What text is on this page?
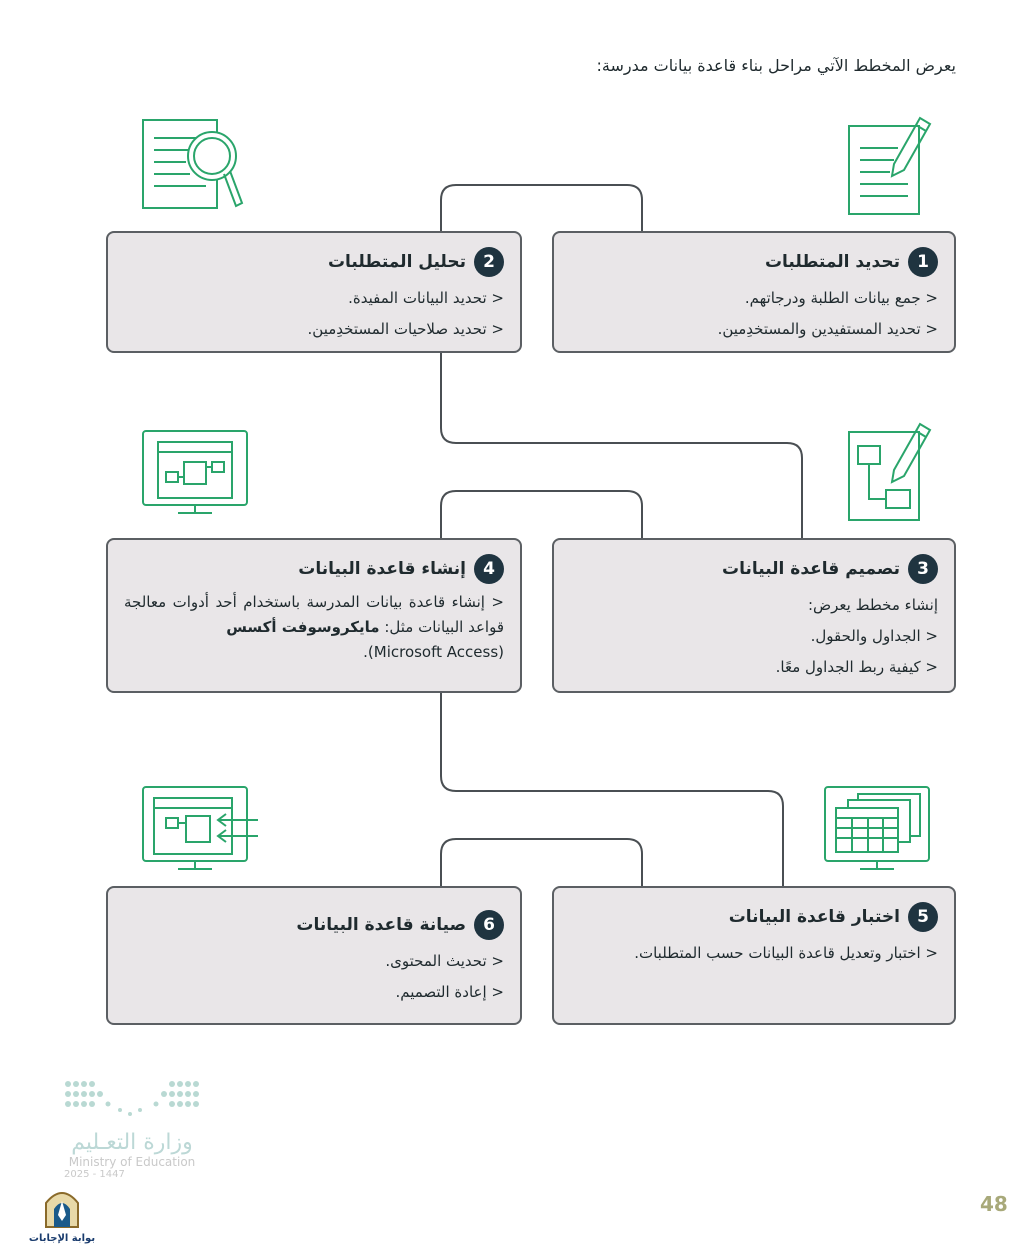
يعرض المخطط الآتي مراحل بناء قاعدة بيانات مدرسة:
1
تحديد المتطلبات
< جمع بيانات الطلبة ودرجاتهم.
< تحديد المستفيدين والمستخدِمين.
2
تحليل المتطلبات
< تحديد البيانات المفيدة.
< تحديد صلاحيات المستخدِمين.
3
تصميم قاعدة البيانات
إنشاء مخطط يعرض:
< الجداول والحقول.
< كيفية ربط الجداول معًا.
4
إنشاء قاعدة البيانات
< إنشاء قاعدة بيانات المدرسة باستخدام أحد أدوات معالجة قواعد البيانات مثل: مايكروسوفت أكسس
(Microsoft Access).
5
اختبار قاعدة البيانات
< اختبار وتعديل قاعدة البيانات حسب المتطلبات.
6
صيانة قاعدة البيانات
< تحديث المحتوى.
< إعادة التصميم.
وزارة التعـليم
Ministry of Education
2025 - 1447
بوابة الإجابات
48
